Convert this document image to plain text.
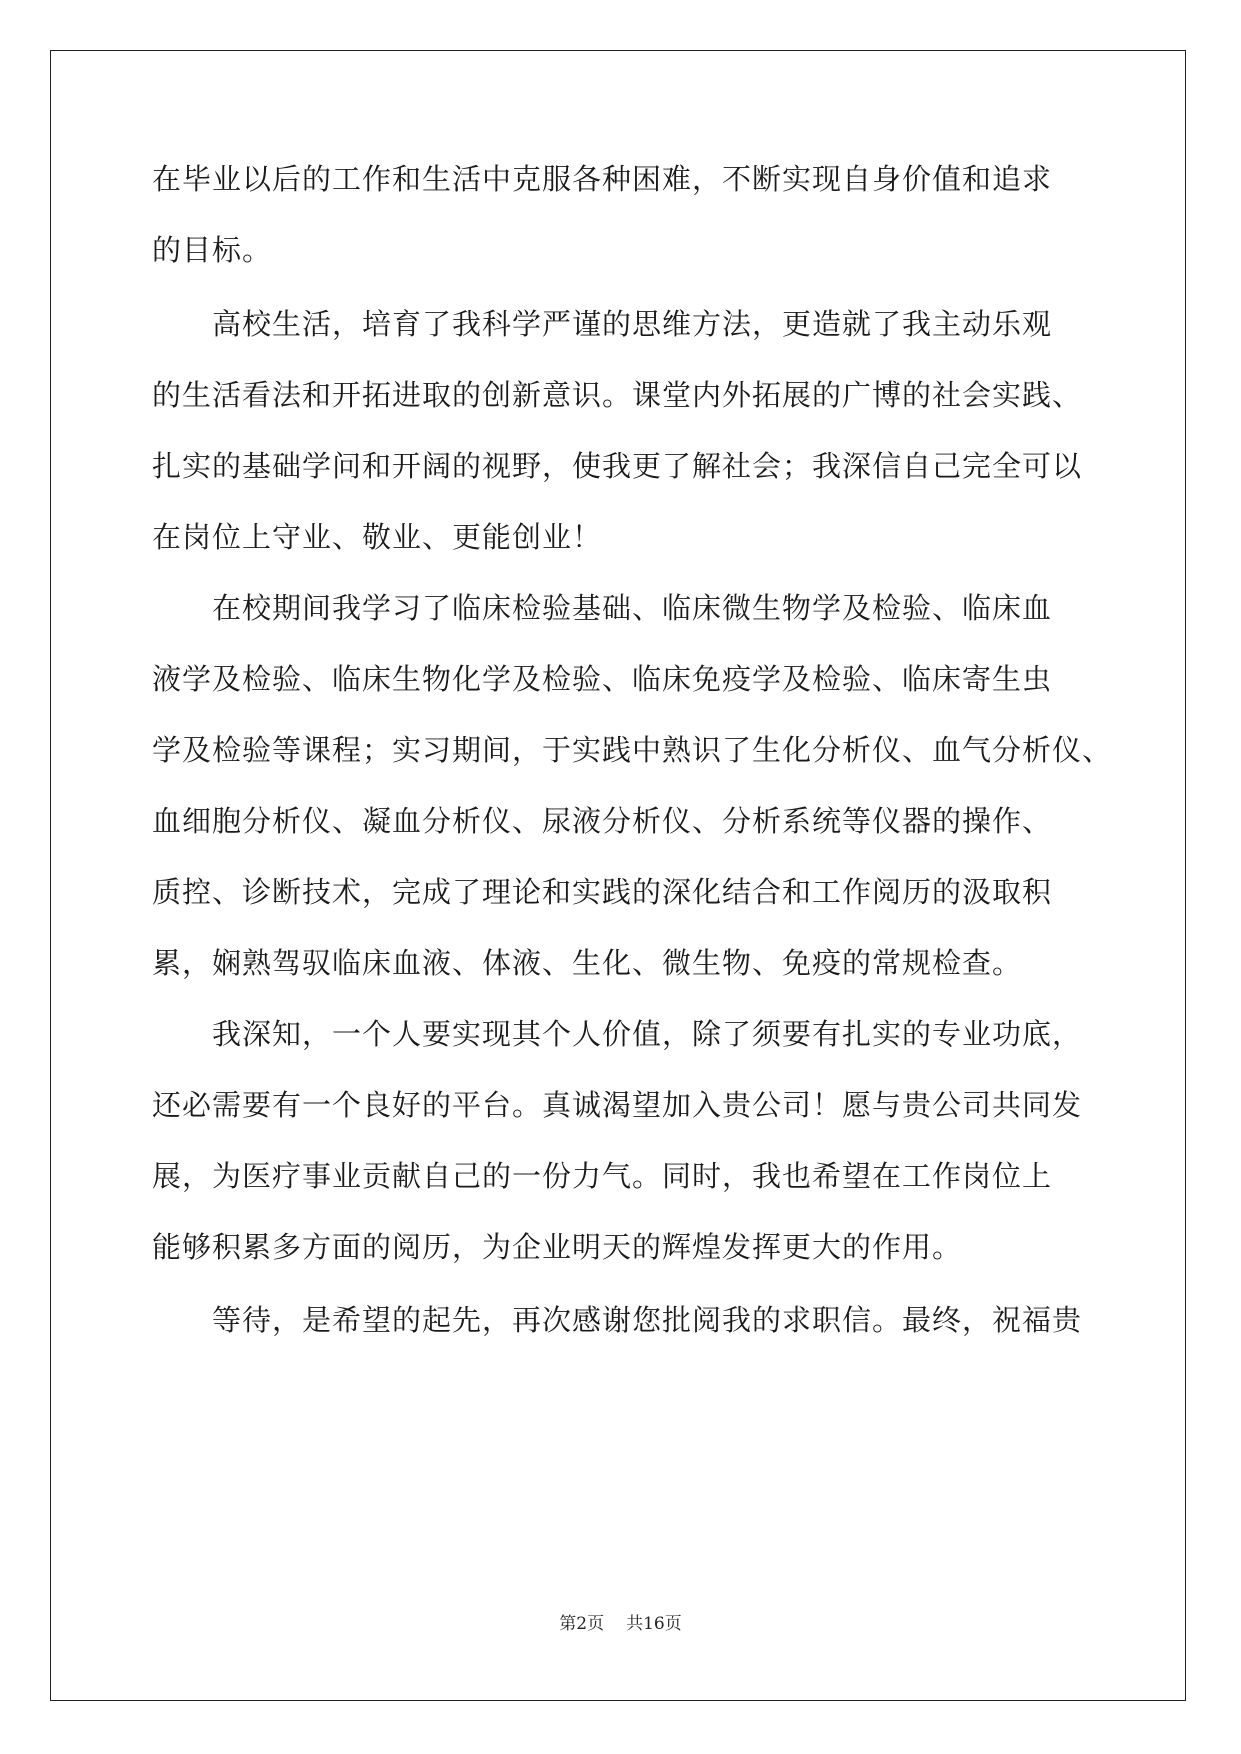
在毕业以后的工作和生活中克服各种困难，不断实现自身价值和追求
的目标。
高校生活，培育了我科学严谨的思维方法，更造就了我主动乐观
的生活看法和开拓进取的创新意识。课堂内外拓展的广博的社会实践、
扎实的基础学问和开阔的视野，使我更了解社会；我深信自己完全可以
在岗位上守业、敬业、更能创业！
在校期间我学习了临床检验基础、临床微生物学及检验、临床血
液学及检验、临床生物化学及检验、临床免疫学及检验、临床寄生虫
学及检验等课程；实习期间，于实践中熟识了生化分析仪、血气分析仪、
血细胞分析仪、凝血分析仪、尿液分析仪、分析系统等仪器的操作、
质控、诊断技术，完成了理论和实践的深化结合和工作阅历的汲取积
累，娴熟驾驭临床血液、体液、生化、微生物、免疫的常规检查。
我深知，一个人要实现其个人价值，除了须要有扎实的专业功底，
还必需要有一个良好的平台。真诚渴望加入贵公司！愿与贵公司共同发
展，为医疗事业贡献自己的一份力气。同时，我也希望在工作岗位上
能够积累多方面的阅历，为企业明天的辉煌发挥更大的作用。
等待，是希望的起先，再次感谢您批阅我的求职信。最终，祝福贵
第2页 共16页
